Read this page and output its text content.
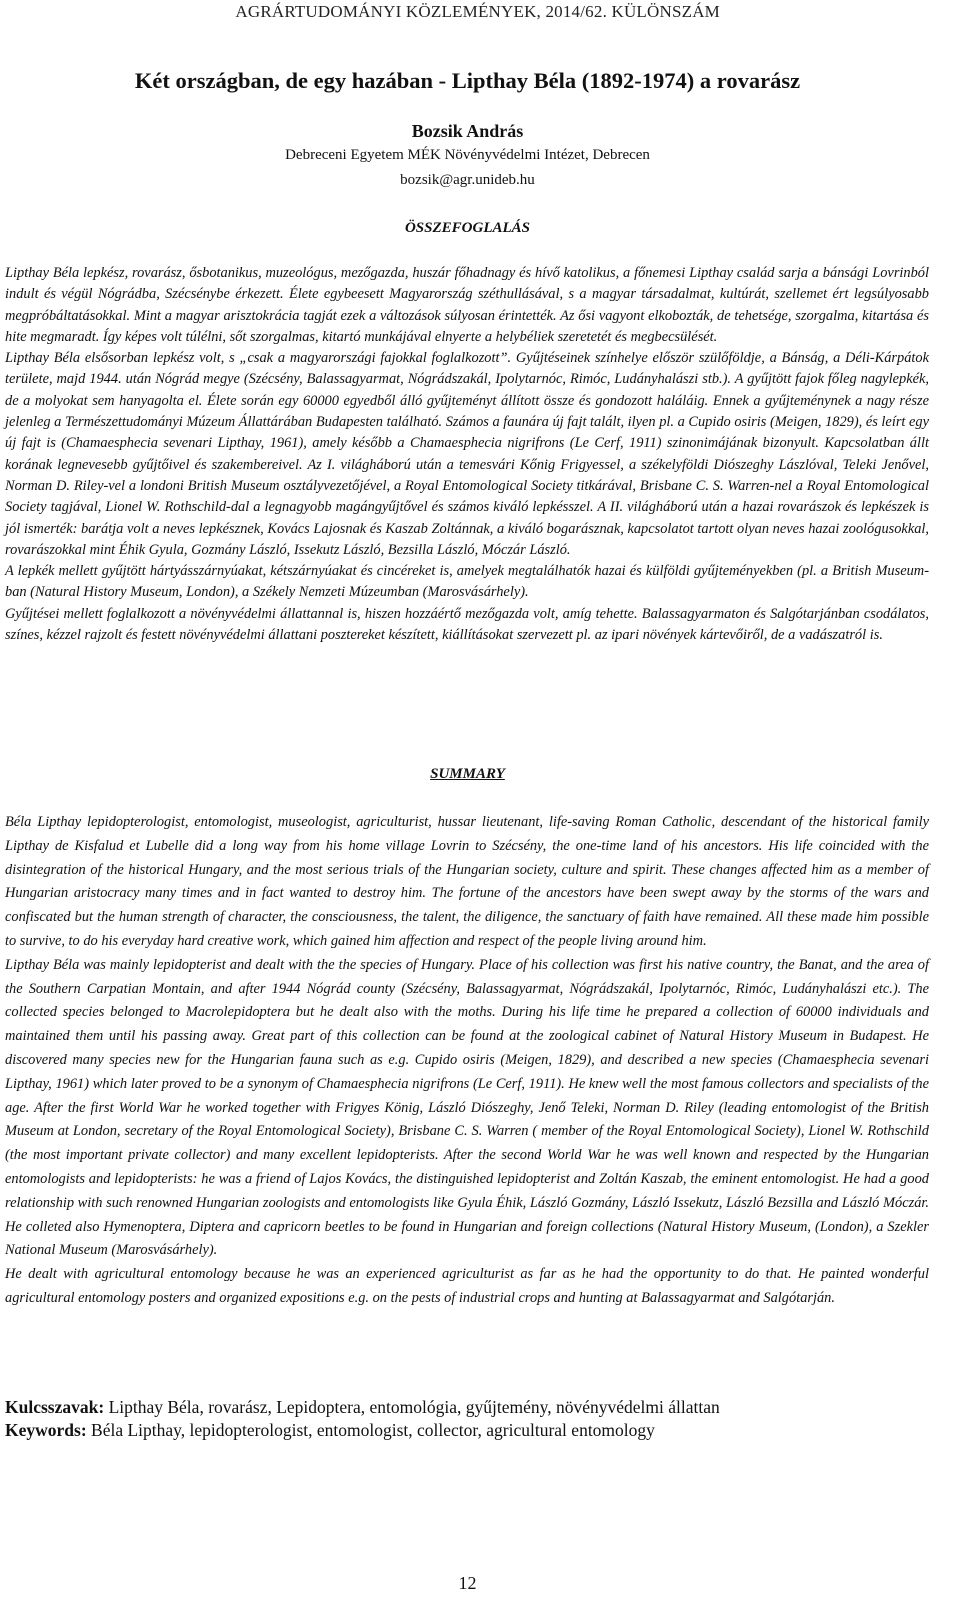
AGRÁRTUDOMÁNYI KÖZLEMÉNYEK, 2014/62. KÜLÖNSZÁM
Két országban, de egy hazában - Lipthay Béla (1892-1974) a rovarász
Bozsik András
Debreceni Egyetem MÉK Növényvédelmi Intézet, Debrecen
bozsik@agr.unideb.hu
ÖSSZEFOGLALÁS

Lipthay Béla lepkész, rovarász, ősbotanikus, muzeológus, mezőgazda, huszár főhadnagy és hívő katolikus, a főnemesi Lipthay család sarja a bánsági Lovrinból indult és végül Nógrádba, Szécsénybe érkezett. Élete egybeesett Magyarország széthullásával, s a magyar társadalmat, kultúrát, szellemet ért legsúlyosabb megpróbáltatásokkal. Mint a magyar arisztokrácia tagját ezek a változások súlyosan érintették. Az ősi vagyont elkobozták, de tehetsége, szorgalma, kitartása és hite megmaradt. Így képes volt túlélni, sőt szorgalmas, kitartó munkájával elnyerte a helybéliek szeretetét és megbecsülését.

Lipthay Béla elsősorban lepkész volt, s „csak a magyarországi fajokkal foglalkozott”. Gyűjtéseinek színhelye először szülőföldje, a Bánság, a Déli-Kárpátok területe, majd 1944. után Nógrád megye (Szécsény, Balassagyarmat, Nógrádszakál, Ipolytarnóc, Rimóc, Ludányhalászi stb.). A gyűjtött fajok főleg nagylepkék, de a molyokat sem hanyagolta el. Élete során egy 60000 egyedből álló gyűjteményt állított össze és gondozott haláláig. Ennek a gyűjteménynek a nagy része jelenleg a Természettudományi Múzeum Állattárában Budapesten található. Számos a faunára új fajt talált, ilyen pl. a Cupido osiris (Meigen, 1829), és leírt egy új fajt is (Chamaesphecia sevenari Lipthay, 1961), amely később a Chamaesphecia nigrifrons (Le Cerf, 1911) szinonimájának bizonyult. Kapcsolatban állt korának legnevesebb gyűjtőivel és szakembereivel. Az I. világháború után a temesvári Kőnig Frigyessel, a székelyföldi Diószeghy Lászlóval, Teleki Jenővel, Norman D. Riley-vel a londoni British Museum osztályvezetőjével, a Royal Entomological Society titkárával, Brisbane C. S. Warren-nel a Royal Entomological Society tagjával, Lionel W. Rothschild-dal a legnagyobb magángyűjtővel és számos kiváló lepkésszel. A II. világháború után a hazai rovarászok és lepkészek is jól ismerték: barátja volt a neves lepkésznek, Kovács Lajosnak és Kaszab Zoltánnak, a kiváló bogarásznak, kapcsolatot tartott olyan neves hazai zoológusokkal, rovarászokkal mint Éhik Gyula, Gozmány László, Issekutz László, Bezsilla László, Móczár László.

A lepkék mellett gyűjtött hártyásszárnyúakat, kétszárnyúakat és cincéreket is, amelyek megtalálhatók hazai és külföldi gyűjteményekben (pl. a British Museum-ban (Natural History Museum, London), a Székely Nemzeti Múzeumban (Marosvásárhely).

Gyűjtései mellett foglalkozott a növényvédelmi állattannal is, hiszen hozzáértő mezőgazda volt, amíg tehette. Balassagyarmaton és Salgótarjánban csodálatos, színes, kézzel rajzolt és festett növényvédelmi állattani posztereket készített, kiállításokat szervezett pl. az ipari növények kártevőiről, de a vadászatról is.

SUMMARY

Béla Lipthay lepidopterologist, entomologist, museologist, agriculturist, hussar lieutenant, life-saving Roman Catholic, descendant of the historical family Lipthay de Kisfalud et Lubelle did a long way from his home village Lovrin to Szécsény, the one-time land of his ancestors. His life coincided with the disintegration of the historical Hungary, and the most serious trials of the Hungarian society, culture and spirit. These changes affected him as a member of Hungarian aristocracy many times and in fact wanted to destroy him. The fortune of the ancestors have been swept away by the storms of the wars and confiscated but the human strength of character, the consciousness, the talent, the diligence, the sanctuary of faith have remained. All these made him possible to survive, to do his everyday hard creative work, which gained him affection and respect of the people living around him.

Lipthay Béla was mainly lepidopterist and dealt with the the species of Hungary. Place of his collection was first his native country, the Banat, and the area of the Southern Carpatian Montain, and after 1944 Nógrád county (Szécsény, Balassagyarmat, Nógrádszakál, Ipolytarnóc, Rimóc, Ludányhalászi etc.). The collected species belonged to Macrolepidoptera but he dealt also with the moths. During his life time he prepared a collection of 60000 individuals and maintained them until his passing away. Great part of this collection can be found at the zoological cabinet of Natural History Museum in Budapest. He discovered many species new for the Hungarian fauna such as e.g. Cupido osiris (Meigen, 1829), and described a new species (Chamaesphecia sevenari Lipthay, 1961) which later proved to be a synonym of Chamaesphecia nigrifrons (Le Cerf, 1911). He knew well the most famous collectors and specialists of the age. After the first World War he worked together with Frigyes König, László Diószeghy, Jenő Teleki, Norman D. Riley (leading entomologist of the British Museum at London, secretary of the Royal Entomological Society), Brisbane C. S. Warren ( member of the Royal Entomological Society), Lionel W. Rothschild (the most important private collector) and many excellent lepidopterists. After the second World War he was well known and respected by the Hungarian entomologists and lepidopterists: he was a friend of Lajos Kovács, the distinguished lepidopterist and Zoltán Kaszab, the eminent entomologist. He had a good relationship with such renowned Hungarian zoologists and entomologists like Gyula Éhik, László Gozmány, László Issekutz, László Bezsilla and László Móczár. He colleted also Hymenoptera, Diptera and capricorn beetles to be found in Hungarian and foreign collections (Natural History Museum, (London), a Szekler National Museum (Marosvásárhely).

He dealt with agricultural entomology because he was an experienced agriculturist as far as he had the opportunity to do that. He painted wonderful agricultural entomology posters and organized expositions e.g. on the pests of industrial crops and hunting at Balassagyarmat and Salgótarján.

Kulcsszavak: Lipthay Béla, rovarász, Lepidoptera, entomológia, gyűjtemény, növényvédelmi állattan
Keywords: Béla Lipthay, lepidopterologist, entomologist, collector, agricultural entomology
12
